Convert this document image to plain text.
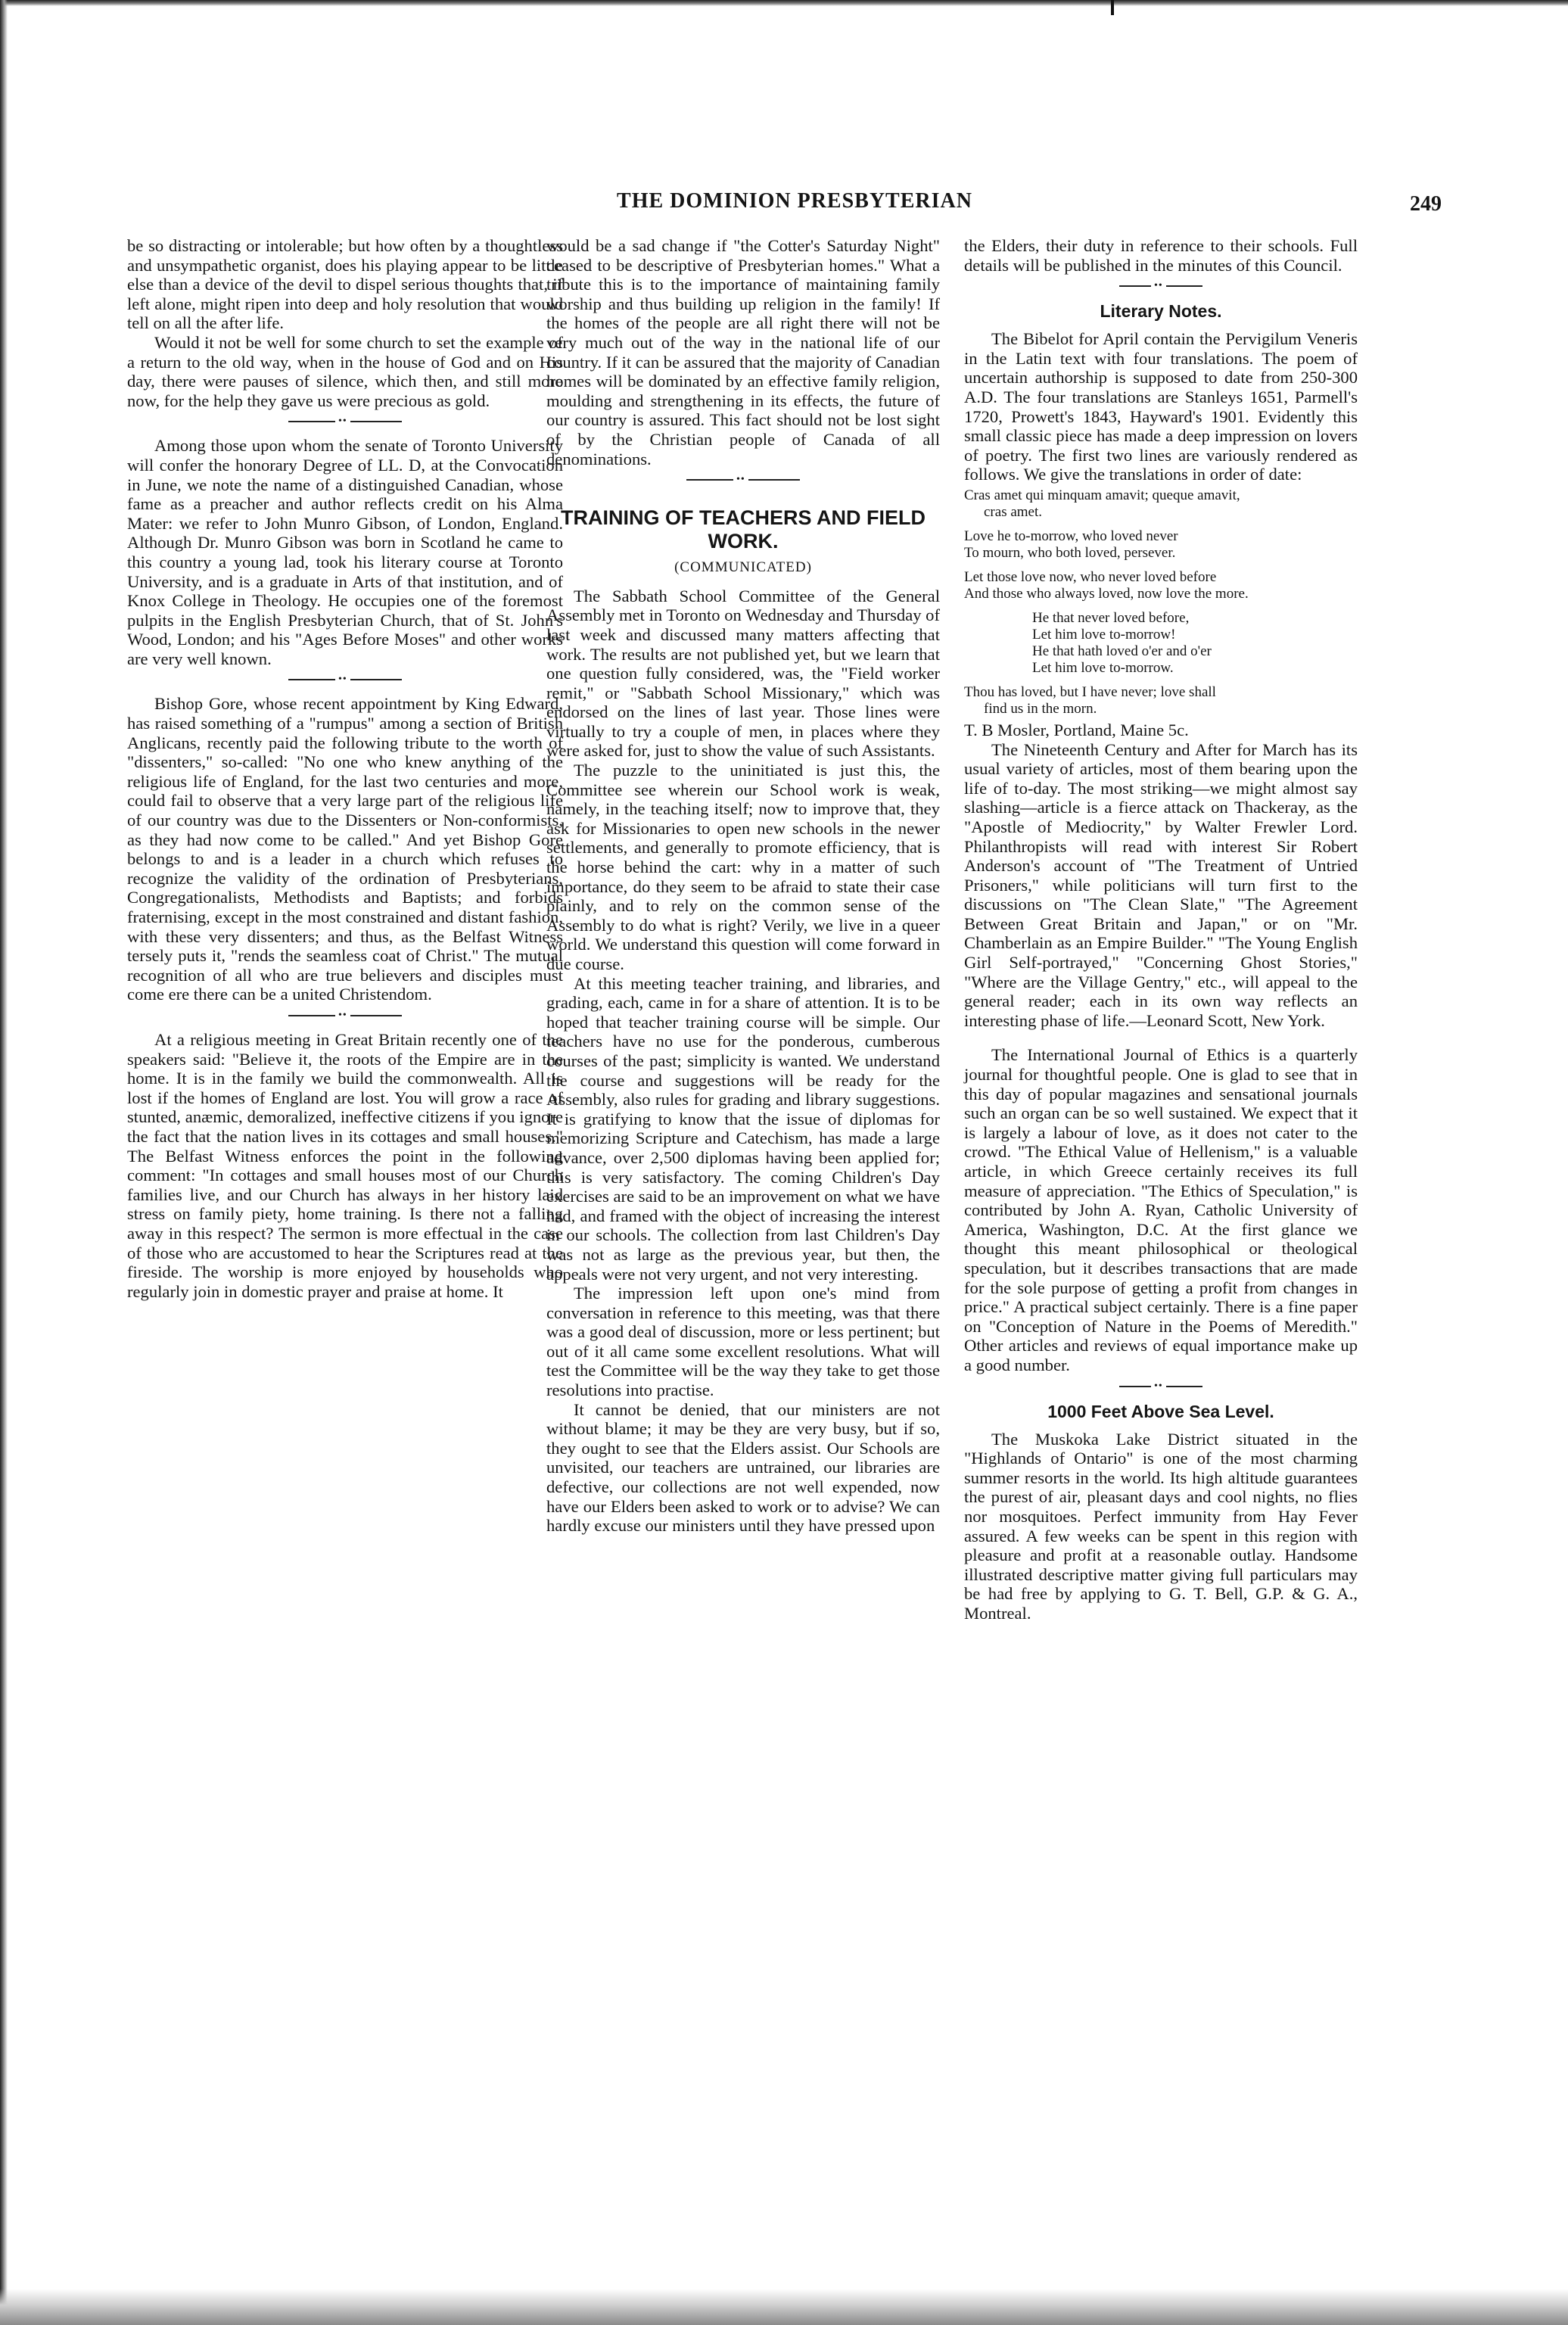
THE DOMINION PRESBYTERIAN	249

be so distracting or intolerable; but how often by a thoughtless and unsympathetic organist, does his playing appear to be little else than a device of the devil to dispel serious thoughts that, if left alone, might ripen into deep and holy resolution that would tell on all the after life.

Would it not be well for some church to set the example of a return to the old way, when in the house of God and on His day, there were pauses of silence, which then, and still more now, for the help they gave us were precious as gold.

••

Among those upon whom the senate of Toronto University will confer the honorary Degree of LL. D, at the Convocation in June, we note the name of a distinguished Canadian, whose fame as a preacher and author reflects credit on his Alma Mater: we refer to John Munro Gibson, of London, England. Although Dr. Munro Gibson was born in Scotland he came to this country a young lad, took his literary course at Toronto University, and is a graduate in Arts of that institution, and of Knox College in Theology. He occupies one of the foremost pulpits in the English Presbyterian Church, that of St. John's Wood, London; and his "Ages Before Moses" and other works are very well known.

••

Bishop Gore, whose recent appointment by King Edward, has raised something of a "rumpus" among a section of British Anglicans, recently paid the following tribute to the worth of "dissenters," so-called: "No one who knew anything of the religious life of England, for the last two centuries and more, could fail to observe that a very large part of the religious life of our country was due to the Dissenters or Non-conformists, as they had now come to be called." And yet Bishop Gore belongs to and is a leader in a church which refuses to recognize the validity of the ordination of Presbyterians, Congregationalists, Methodists and Baptists; and forbids fraternising, except in the most constrained and distant fashion, with these very dissenters; and thus, as the Belfast Witness tersely puts it, "rends the seamless coat of Christ." The mutual recognition of all who are true believers and disciples must come ere there can be a united Christendom.

••

At a religious meeting in Great Britain recently one of the speakers said: "Believe it, the roots of the Empire are in the home. It is in the family we build the commonwealth. All is lost if the homes of England are lost. You will grow a race of stunted, anæmic, demoralized, ineffective citizens if you ignore the fact that the nation lives in its cottages and small houses." The Belfast Witness enforces the point in the following comment: "In cottages and small houses most of our Church families live, and our Church has always in her history laid stress on family piety, home training. Is there not a falling away in this respect? The sermon is more effectual in the case of those who are accustomed to hear the Scriptures read at the fireside. The worship is more enjoyed by households who regularly join in domestic prayer and praise at home. It

would be a sad change if "the Cotter's Saturday Night" ceased to be descriptive of Presbyterian homes." What a tribute this is to the importance of maintaining family worship and thus building up religion in the family! If the homes of the people are all right there will not be very much out of the way in the national life of our country. If it can be assured that the majority of Canadian homes will be dominated by an effective family religion, moulding and strengthening in its effects, the future of our country is assured. This fact should not be lost sight of by the Christian people of Canada of all denominations.

••
TRAINING OF TEACHERS AND FIELD WORK.
(COMMUNICATED)

The Sabbath School Committee of the General Assembly met in Toronto on Wednesday and Thursday of last week and discussed many matters affecting that work. The results are not published yet, but we learn that one question fully considered, was, the "Field worker remit," or "Sabbath School Missionary," which was endorsed on the lines of last year. Those lines were virtually to try a couple of men, in places where they were asked for, just to show the value of such Assistants.

The puzzle to the uninitiated is just this, the Committee see wherein our School work is weak, namely, in the teaching itself; now to improve that, they ask for Missionaries to open new schools in the newer settlements, and generally to promote efficiency, that is the horse behind the cart: why in a matter of such importance, do they seem to be afraid to state their case plainly, and to rely on the common sense of the Assembly to do what is right? Verily, we live in a queer world. We understand this question will come forward in due course.

At this meeting teacher training, and libraries, and grading, each, came in for a share of attention. It is to be hoped that teacher training course will be simple. Our teachers have no use for the ponderous, cumberous courses of the past; simplicity is wanted. We understand the course and suggestions will be ready for the Assembly, also rules for grading and library suggestions. It is gratifying to know that the issue of diplomas for memorizing Scripture and Catechism, has made a large advance, over 2,500 diplomas having been applied for; this is very satisfactory. The coming Children's Day exercises are said to be an improvement on what we have had, and framed with the object of increasing the interest in our schools. The collection from last Children's Day was not as large as the previous year, but then, the appeals were not very urgent, and not very interesting.

The impression left upon one's mind from conversation in reference to this meeting, was that there was a good deal of discussion, more or less pertinent; but out of it all came some excellent resolutions. What will test the Committee will be the way they take to get those resolutions into practise.

It cannot be denied, that our ministers are not without blame; it may be they are very busy, but if so, they ought to see that the Elders assist. Our Schools are unvisited, our teachers are untrained, our libraries are defective, our collections are not well expended, now have our Elders been asked to work or to advise? We can hardly excuse our ministers until they have pressed upon

the Elders, their duty in reference to their schools. Full details will be published in the minutes of this Council.

••
Literary Notes.

The Bibelot for April contain the Pervigilum Veneris in the Latin text with four translations. The poem of uncertain authorship is supposed to date from 250-300 A.D. The four translations are Stanleys 1651, Parmell's 1720, Prowett's 1843, Hayward's 1901. Evidently this small classic piece has made a deep impression on lovers of poetry. The first two lines are variously rendered as follows. We give the translations in order of date:

Cras amet qui minquam amavit; queque amavit,
cras amet.
Love he to-morrow, who loved never
To mourn, who both loved, persever.
Let those love now, who never loved before
And those who always loved, now love the more.
He that never loved before,
Let him love to-morrow!
He that hath loved o'er and o'er
Let him love to-morrow.
Thou has loved, but I have never; love shall
find us in the morn.

T. B Mosler, Portland, Maine 5c.

The Nineteenth Century and After for March has its usual variety of articles, most of them bearing upon the life of to-day. The most striking—we might almost say slashing—article is a fierce attack on Thackeray, as the "Apostle of Mediocrity," by Walter Frewler Lord. Philanthropists will read with interest Sir Robert Anderson's account of "The Treatment of Untried Prisoners," while politicians will turn first to the discussions on "The Clean Slate," "The Agreement Between Great Britain and Japan," or on "Mr. Chamberlain as an Empire Builder." "The Young English Girl Self-portrayed," "Concerning Ghost Stories," "Where are the Village Gentry," etc., will appeal to the general reader; each in its own way reflects an interesting phase of life.—Leonard Scott, New York.

The International Journal of Ethics is a quarterly journal for thoughtful people. One is glad to see that in this day of popular magazines and sensational journals such an organ can be so well sustained. We expect that it is largely a labour of love, as it does not cater to the crowd. "The Ethical Value of Hellenism," is a valuable article, in which Greece certainly receives its full measure of appreciation. "The Ethics of Speculation," is contributed by John A. Ryan, Catholic University of America, Washington, D.C. At the first glance we thought this meant philosophical or theological speculation, but it describes transactions that are made for the sole purpose of getting a profit from changes in price." A practical subject certainly. There is a fine paper on "Conception of Nature in the Poems of Meredith." Other articles and reviews of equal importance make up a good number.

••
1000 Feet Above Sea Level.

The Muskoka Lake District situated in the "Highlands of Ontario" is one of the most charming summer resorts in the world. Its high altitude guarantees the purest of air, pleasant days and cool nights, no flies nor mosquitoes. Perfect immunity from Hay Fever assured. A few weeks can be spent in this region with pleasure and profit at a reasonable outlay. Handsome illustrated descriptive matter giving full particulars may be had free by applying to G. T. Bell, G.P. & G. A., Montreal.
